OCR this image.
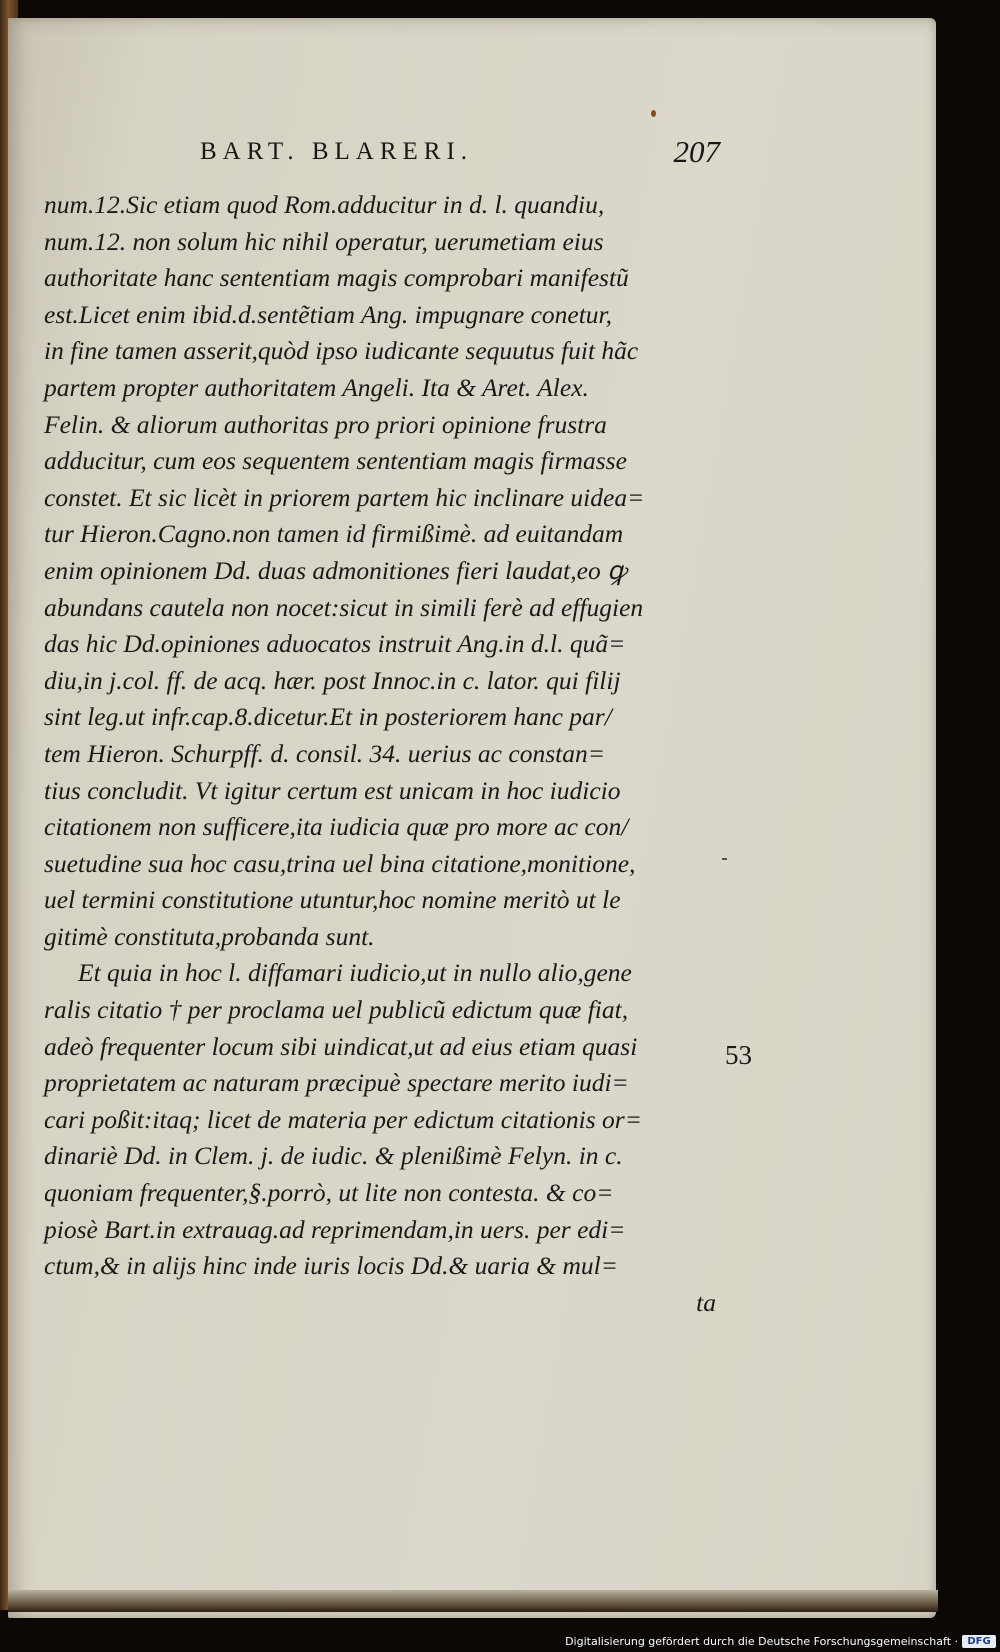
BART. BLARERI.	207
num.12.Sic etiam quod Rom.adducitur in d. l. quandiu,
num.12. non solum hic nihil operatur, uerumetiam eius
authoritate hanc sententiam magis comprobari manifestũ
est.Licet enim ibid.d.sentẽtiam Ang. impugnare conetur,
in fine tamen asserit,quòd ipso iudicante sequutus fuit hãc
partem propter authoritatem Angeli. Ita & Aret. Alex.
Felin. & aliorum authoritas pro priori opinione frustra
adducitur, cum eos sequentem sententiam magis firmasse
constet. Et sic licèt in priorem partem hic inclinare uidea=
tur Hieron.Cagno.non tamen id firmißimè. ad euitandam
enim opinionem Dd. duas admonitiones fieri laudat,eo ꝙ
abundans cautela non nocet:sicut in simili ferè ad effugien
das hic Dd.opiniones aduocatos instruit Ang.in d.l. quã=
diu,in j.col. ff. de acq. hær. post Innoc.in c. lator. qui filij
sint leg.ut infr.cap.8.dicetur.Et in posteriorem hanc par/
tem Hieron. Schurpff. d. consil. 34. uerius ac constan=
tius concludit. Vt igitur certum est unicam in hoc iudicio
citationem non sufficere,ita iudicia quæ pro more ac con/
suetudine sua hoc casu,trina uel bina citatione,monitione,
uel termini constitutione utuntur,hoc nomine meritò ut le
gitimè constituta,probanda sunt.
Et quia in hoc l. diffamari iudicio,ut in nullo alio,gene
ralis citatio † per proclama uel publicũ edictum quæ fiat,
adeò frequenter locum sibi uindicat,ut ad eius etiam quasi
proprietatem ac naturam præcipuè spectare merito iudi=
cari poßit:itaq; licet de materia per edictum citationis or=
dinariè Dd. in Clem. j. de iudic. & plenißimè Felyn. in c.
quoniam frequenter,§.porrò, ut lite non contesta. & co=
piosè Bart.in extrauag.ad reprimendam,in uers. per edi=
ctum,& in alijs hinc inde iuris locis Dd.& uaria & mul=
ta
53
Digitalisierung gefördert durch die Deutsche Forschungsgemeinschaft · DFG
